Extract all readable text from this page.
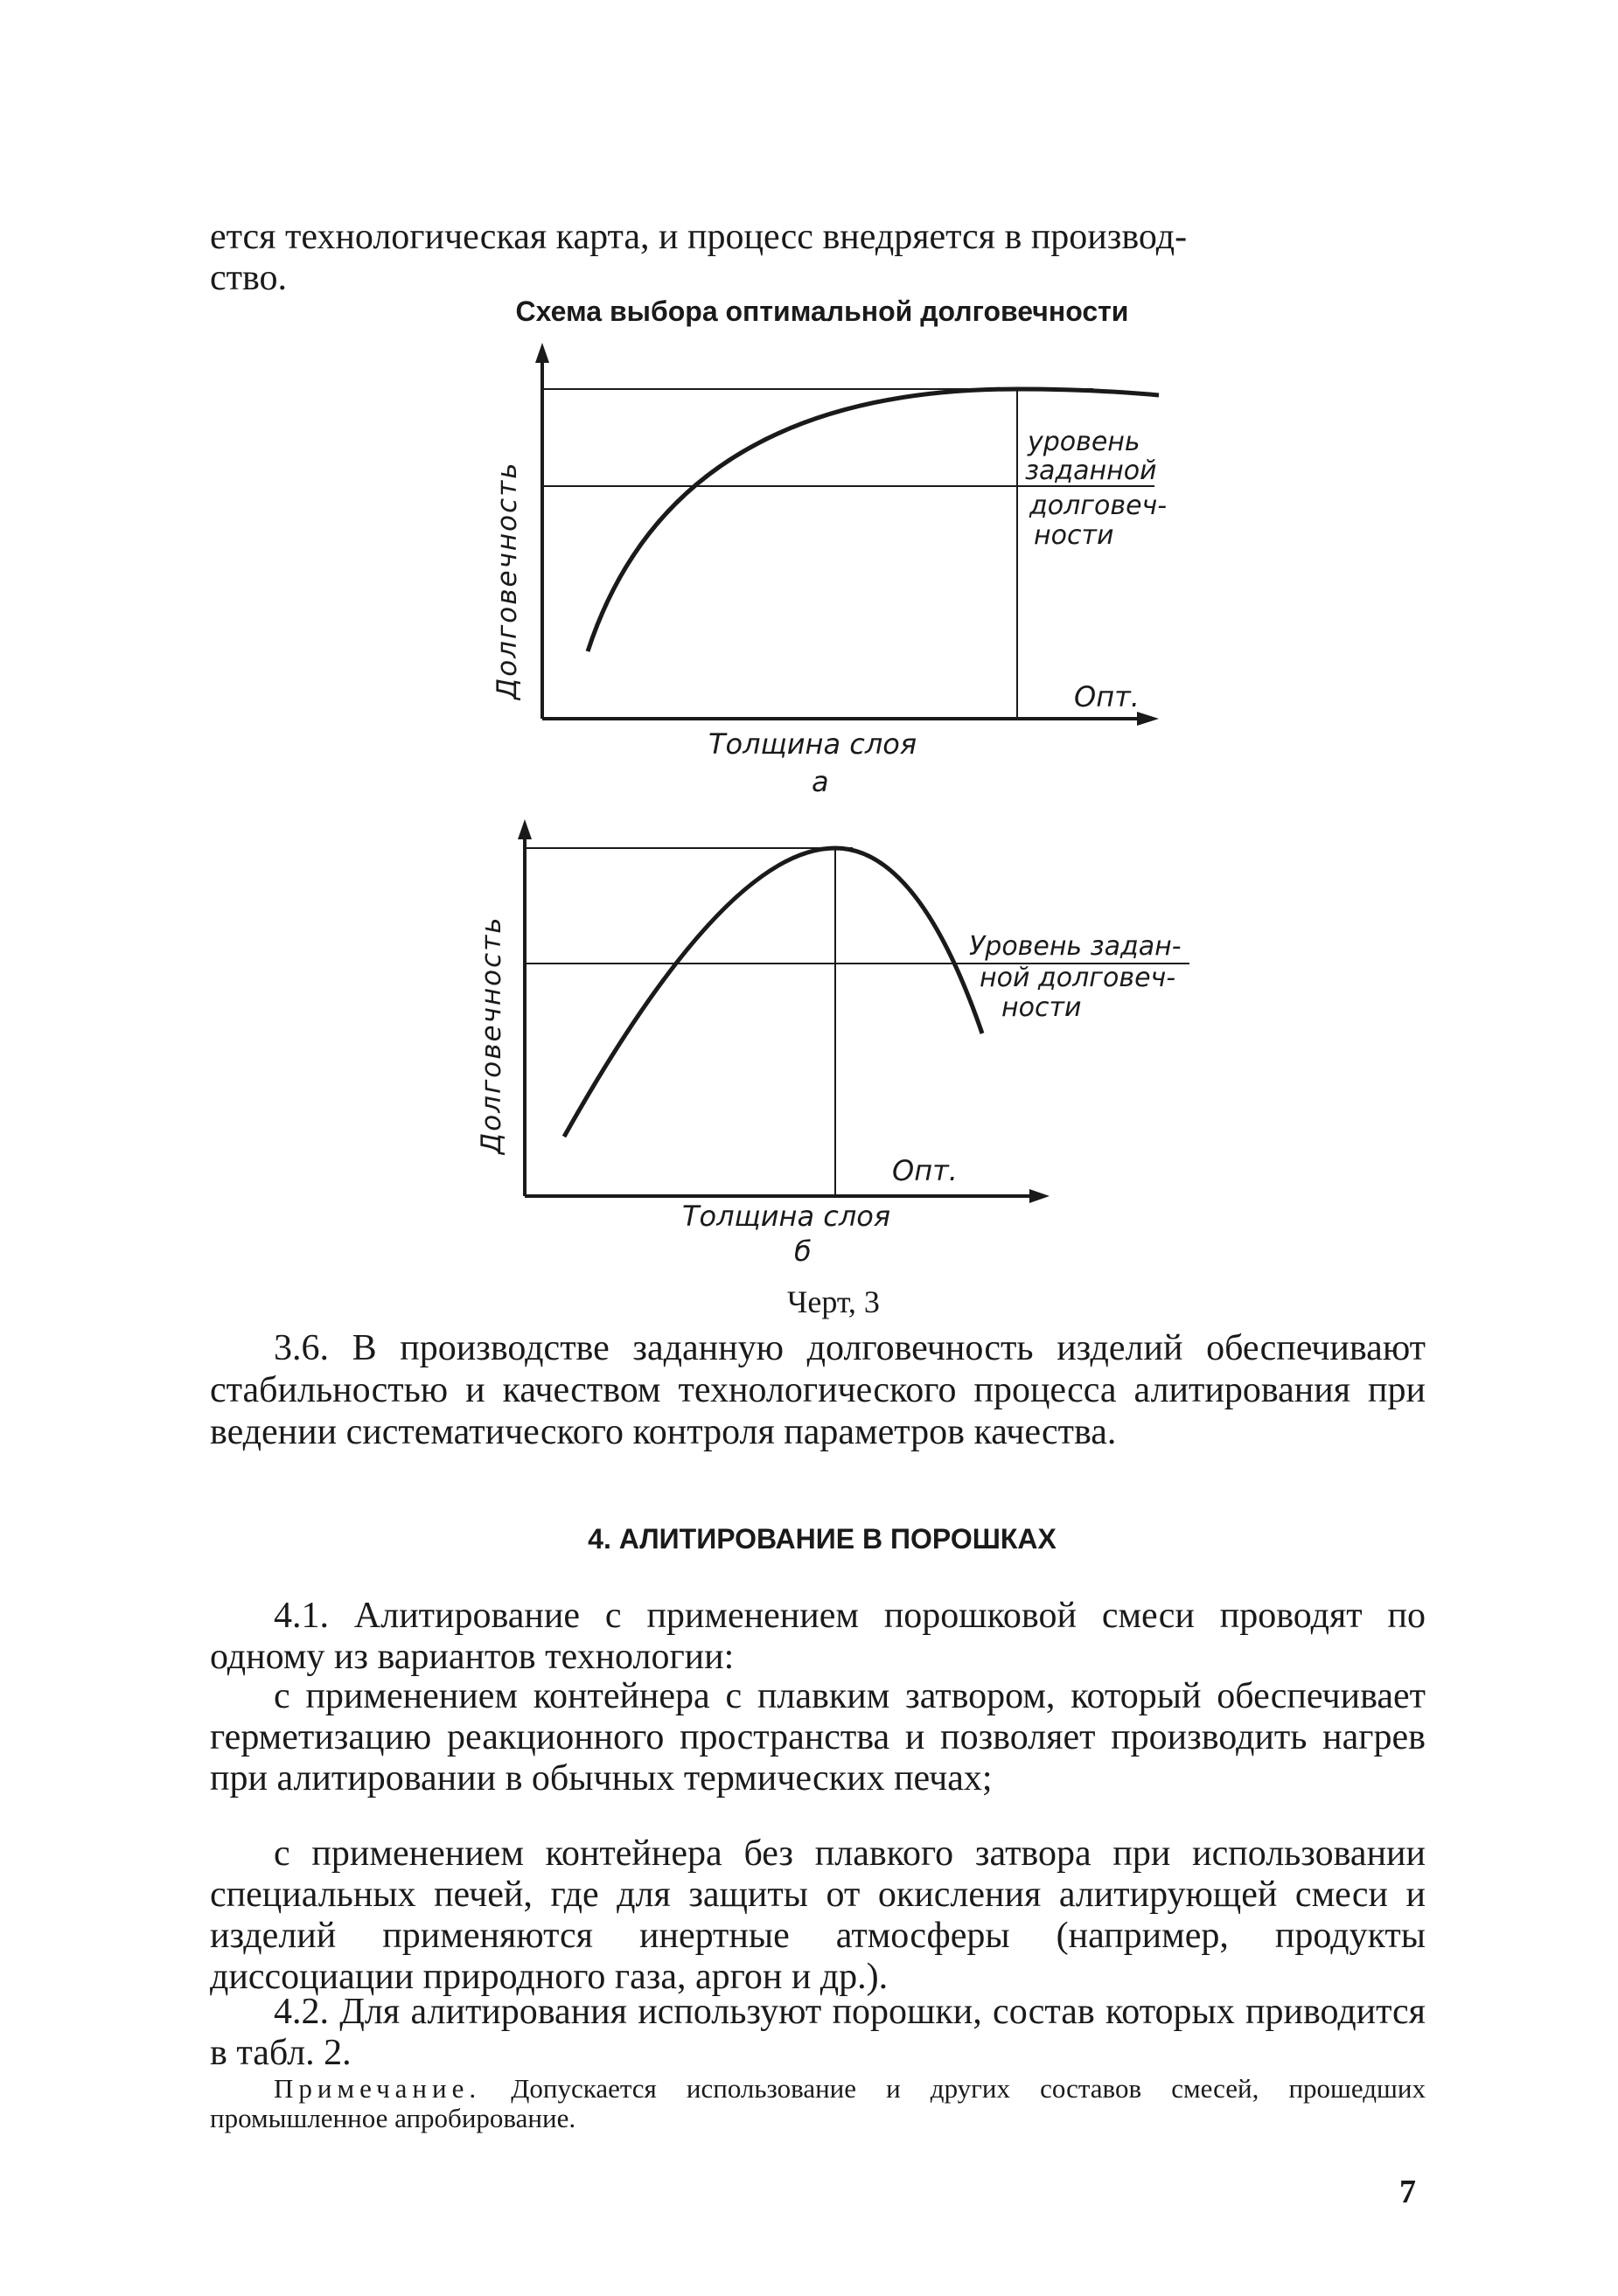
ется технологическая карта, и процесс внедряется в производ-
ство.

Схема выбора оптимальной долговечности
Долговечность
уровень
заданной
долговеч-
ности
Опт.
Толщина слоя
а
Долговечность	Уровень задан-
ной долговеч-
ности
Опт.
Толщина слоя
б
Черт, 3

3.6. В производстве заданную долговечность изделий обеспечивают стабильностью и качеством технологического процесса алитирования при ведении систематического контроля параметров качества.

4. АЛИТИРОВАНИЕ В ПОРОШКАХ

4.1. Алитирование с применением порошковой смеси проводят по одному из вариантов технологии:

с применением контейнера с плавким затвором, который обеспечивает герметизацию реакционного пространства и позволяет производить нагрев при алитировании в обычных термических печах;

с применением контейнера без плавкого затвора при использовании специальных печей, где для защиты от окисления алитирующей смеси и изделий применяются инертные атмосферы (например, продукты диссоциации природного газа, аргон и др.).

4.2. Для алитирования используют порошки, состав которых приводится в табл. 2.

Примечание. Допускается использование и других составов смесей, прошедших промышленное апробирование.

7
